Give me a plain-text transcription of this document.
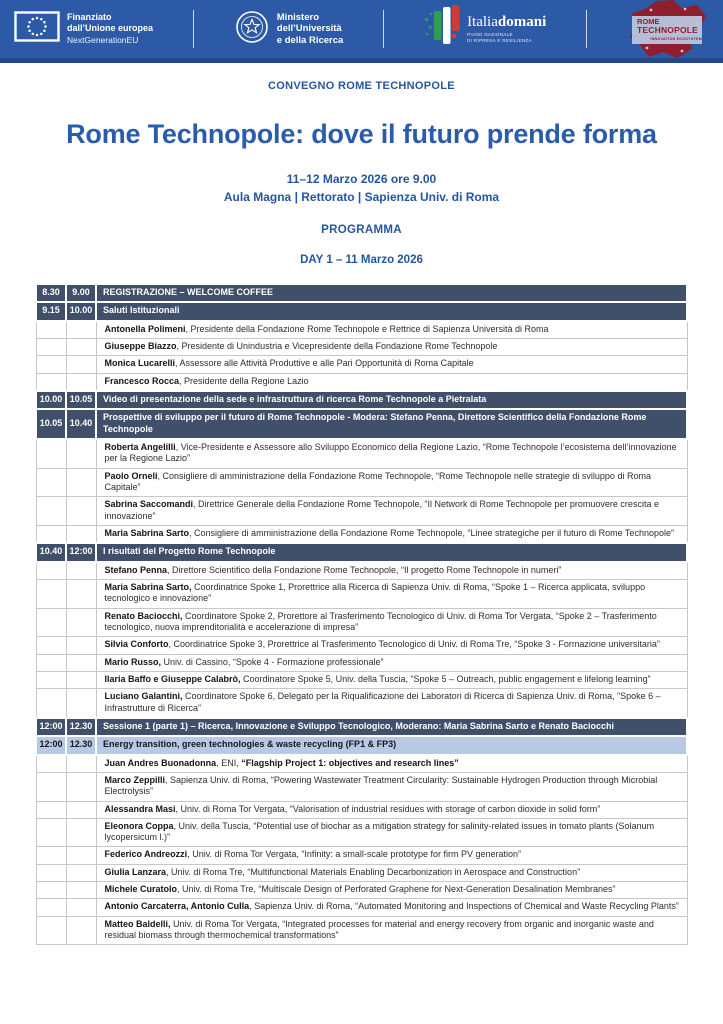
Finanziato
dall’Unione europea
NextGenerationEU
Ministero
dell’Università
e della Ricerca
Italiadomani
PIANO NAZIONALE
DI RIPRESA E RESILIENZA
ROME
TECHNOPOLE
INNOVATION ECOSYSTEM
CONVEGNO ROME TECHNOPOLE
Rome Technopole: dove il futuro prende forma
11–12 Marzo 2026 ore 9.00
Aula Magna | Rettorato | Sapienza Univ. di Roma
PROGRAMMA
DAY 1 – 11 Marzo 2026
8.30	9.00	REGISTRAZIONE – WELCOME COFFEE
9.15	10.00	Saluti Istituzionali
		Antonella Polimeni, Presidente della Fondazione Rome Technopole e Rettrice di Sapienza Università di Roma
		Giuseppe Biazzo, Presidente di Unindustria e Vicepresidente della Fondazione Rome Technopole
		Monica Lucarelli, Assessore alle Attività Produttive e alle Pari Opportunità di Roma Capitale
		Francesco Rocca, Presidente della Regione Lazio
10.00	10.05	Video di presentazione della sede e infrastruttura di ricerca Rome Technopole a Pietralata
10.05	10.40	Prospettive di sviluppo per il futuro di Rome Technopole - Modera: Stefano Penna, Direttore Scientifico della Fondazione Rome Technopole
		Roberta Angelilli, Vice-Presidente e Assessore allo Sviluppo Economico della Regione Lazio, “Rome Technopole l’ecosistema dell’innovazione per la Regione Lazio”
		Paolo Orneli, Consigliere di amministrazione della Fondazione Rome Technopole, “Rome Technopole nelle strategie di sviluppo di Roma Capitale”
		Sabrina Saccomandi, Direttrice Generale della Fondazione Rome Technopole, “Il Network di Rome Technopole per promuovere crescita e innovazione”
		Maria Sabrina Sarto, Consigliere di amministrazione della Fondazione Rome Technopole, “Linee strategiche per il futuro di Rome Technopole”
10.40	12:00	I risultati del Progetto Rome Technopole
		Stefano Penna, Direttore Scientifico della Fondazione Rome Technopole, “Il progetto Rome Technopole in numeri”
		Maria Sabrina Sarto, Coordinatrice Spoke 1, Prorettrice alla Ricerca di Sapienza Univ. di Roma, “Spoke 1 – Ricerca applicata, sviluppo tecnologico e innovazione”
		Renato Baciocchi, Coordinatore Spoke 2, Prorettore al Trasferimento Tecnologico di Univ. di Roma Tor Vergata, “Spoke 2 – Trasferimento tecnologico, nuova imprenditorialità e accelerazione di impresa”
		Silvia Conforto, Coordinatrice Spoke 3, Prorettrice al Trasferimento Tecnologico di Univ. di Roma Tre, “Spoke 3 - Formazione universitaria”
		Mario Russo, Univ. di Cassino, “Spoke 4 - Formazione professionale”
		Ilaria Baffo e Giuseppe Calabrò, Coordinatore Spoke 5, Univ. della Tuscia, “Spoke 5 – Outreach, public engagement e lifelong learning”
		Luciano Galantini, Coordinatore Spoke 6, Delegato per la Riqualificazione dei Laboratori di Ricerca di Sapienza Univ. di Roma, “Spoke 6 – Infrastrutture di Ricerca”
12:00	12.30	Sessione 1 (parte 1) – Ricerca, Innovazione e Sviluppo Tecnologico, Moderano: Maria Sabrina Sarto e Renato Baciocchi
12:00	12.30	Energy transition, green technologies & waste recycling (FP1 & FP3)
		Juan Andres Buonadonna, ENI, “Flagship Project 1: objectives and research lines”
		Marco Zeppilli, Sapienza Univ. di Roma, “Powering Wastewater Treatment Circularity: Sustainable Hydrogen Production through Microbial Electrolysis”
		Alessandra Masi, Univ. di Roma Tor Vergata, “Valorisation of industrial residues with storage of carbon dioxide in solid form”
		Eleonora Coppa, Univ. della Tuscia, “Potential use of biochar as a mitigation strategy for salinity-related issues in tomato plants (Solanum lycopersicum l.)”
		Federico Andreozzi, Univ. di Roma Tor Vergata, “Infinity: a small-scale prototype for firm PV generation”
		Giulia Lanzara, Univ. di Roma Tre, “Multifunctional Materials Enabling Decarbonization in Aerospace and Construction”
		Michele Curatolo, Univ. di Roma Tre, “Multiscale Design of Perforated Graphene for Next-Generation Desalination Membranes”
		Antonio Carcaterra, Antonio Culla, Sapienza Univ. di Roma, “Automated Monitoring and Inspections of Chemical and Waste Recycling Plants”
		Matteo Baldelli, Univ. di Roma Tor Vergata, “Integrated processes for material and energy recovery from organic and inorganic waste and residual biomass through thermochemical transformations”
